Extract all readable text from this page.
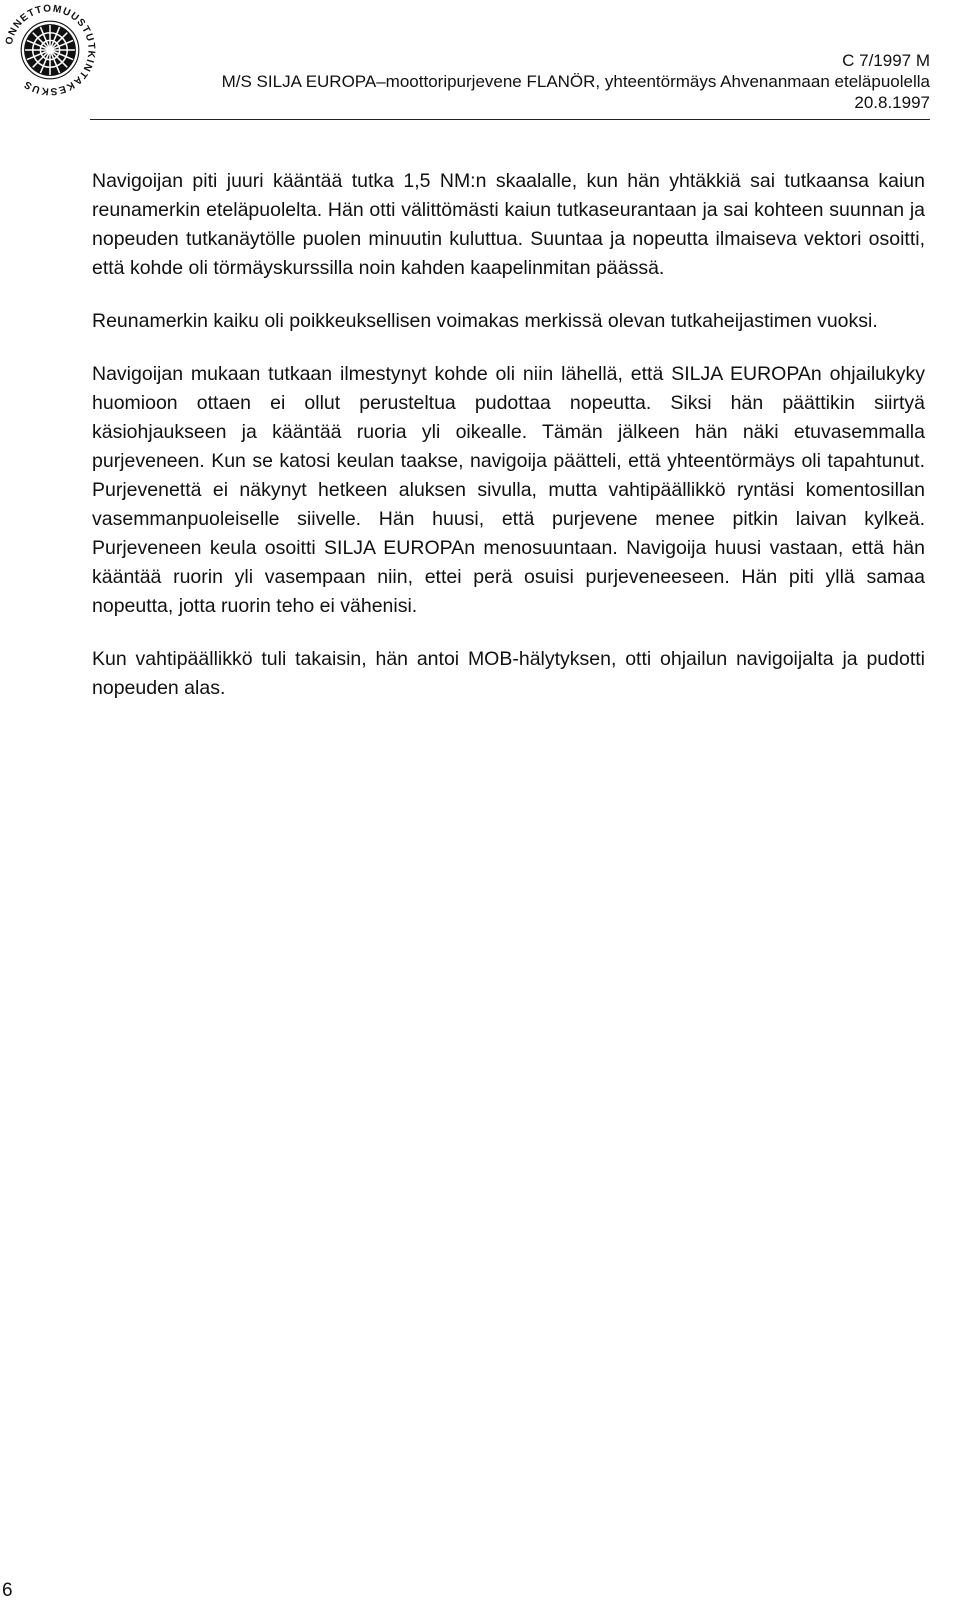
ONNETTOMUUSTUTKINTAKESKUS
C 7/1997 M
M/S SILJA EUROPA–moottoripurjevene FLANÖR, yhteentörmäys Ahvenanmaan eteläpuolella
20.8.1997

Navigoijan piti juuri kääntää tutka 1,5 NM:n skaalalle, kun hän yhtäkkiä sai tutkaansa kaiun reunamerkin eteläpuolelta. Hän otti välittömästi kaiun tutkaseurantaan ja sai kohteen suunnan ja nopeuden tutkanäytölle puolen minuutin kuluttua. Suuntaa ja nopeutta ilmaiseva vektori osoitti, että kohde oli törmäyskurssilla noin kahden kaapelinmitan päässä.

Reunamerkin kaiku oli poikkeuksellisen voimakas merkissä olevan tutkaheijastimen vuoksi.

Navigoijan mukaan tutkaan ilmestynyt kohde oli niin lähellä, että SILJA EUROPAn ohjailukyky huomioon ottaen ei ollut perusteltua pudottaa nopeutta. Siksi hän päättikin siirtyä käsiohjaukseen ja kääntää ruoria yli oikealle. Tämän jälkeen hän näki etuvasemmalla purjeveneen. Kun se katosi keulan taakse, navigoija päätteli, että yhteentörmäys oli tapahtunut. Purjevenettä ei näkynyt hetkeen aluksen sivulla, mutta vahtipäällikkö ryntäsi komentosillan vasemmanpuoleiselle siivelle. Hän huusi, että purjevene menee pitkin laivan kylkeä. Purjeveneen keula osoitti SILJA EUROPAn menosuuntaan. Navigoija huusi vastaan, että hän kääntää ruorin yli vasempaan niin, ettei perä osuisi purjeveneeseen. Hän piti yllä samaa nopeutta, jotta ruorin teho ei vähenisi.

Kun vahtipäällikkö tuli takaisin, hän antoi MOB-hälytyksen, otti ohjailun navigoijalta ja pudotti nopeuden alas.

6
